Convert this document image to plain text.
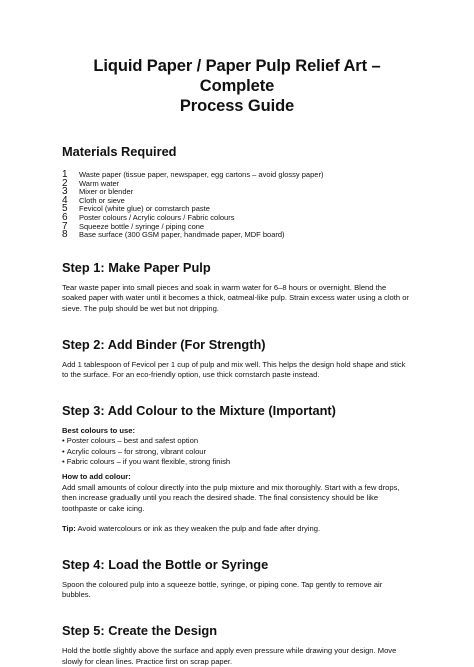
Liquid Paper / Paper Pulp Relief Art – Complete
Process Guide
Materials Required
1	Waste paper (tissue paper, newspaper, egg cartons – avoid glossy paper)
2	Warm water
3	Mixer or blender
4	Cloth or sieve
5	Fevicol (white glue) or cornstarch paste
6	Poster colours / Acrylic colours / Fabric colours
7	Squeeze bottle / syringe / piping cone
8	Base surface (300 GSM paper, handmade paper, MDF board)
Step 1: Make Paper Pulp

Tear waste paper into small pieces and soak in warm water for 6–8 hours or overnight. Blend the soaked paper with water until it becomes a thick, oatmeal-like pulp. Strain excess water using a cloth or sieve. The pulp should be wet but not dripping.

Step 2: Add Binder (For Strength)

Add 1 tablespoon of Fevicol per 1 cup of pulp and mix well. This helps the design hold shape and stick to the surface. For an eco-friendly option, use thick cornstarch paste instead.

Step 3: Add Colour to the Mixture (Important)

Best colours to use:

• Poster colours – best and safest option
• Acrylic colours – for strong, vibrant colour
• Fabric colours – if you want flexible, strong finish

How to add colour:

Add small amounts of colour directly into the pulp mixture and mix thoroughly. Start with a few drops, then increase gradually until you reach the desired shade. The final consistency should be like toothpaste or cake icing.

Tip: Avoid watercolours or ink as they weaken the pulp and fade after drying.

Step 4: Load the Bottle or Syringe

Spoon the coloured pulp into a squeeze bottle, syringe, or piping cone. Tap gently to remove air bubbles.

Step 5: Create the Design

Hold the bottle slightly above the surface and apply even pressure while drawing your design. Move slowly for clean lines. Practice first on scrap paper.
